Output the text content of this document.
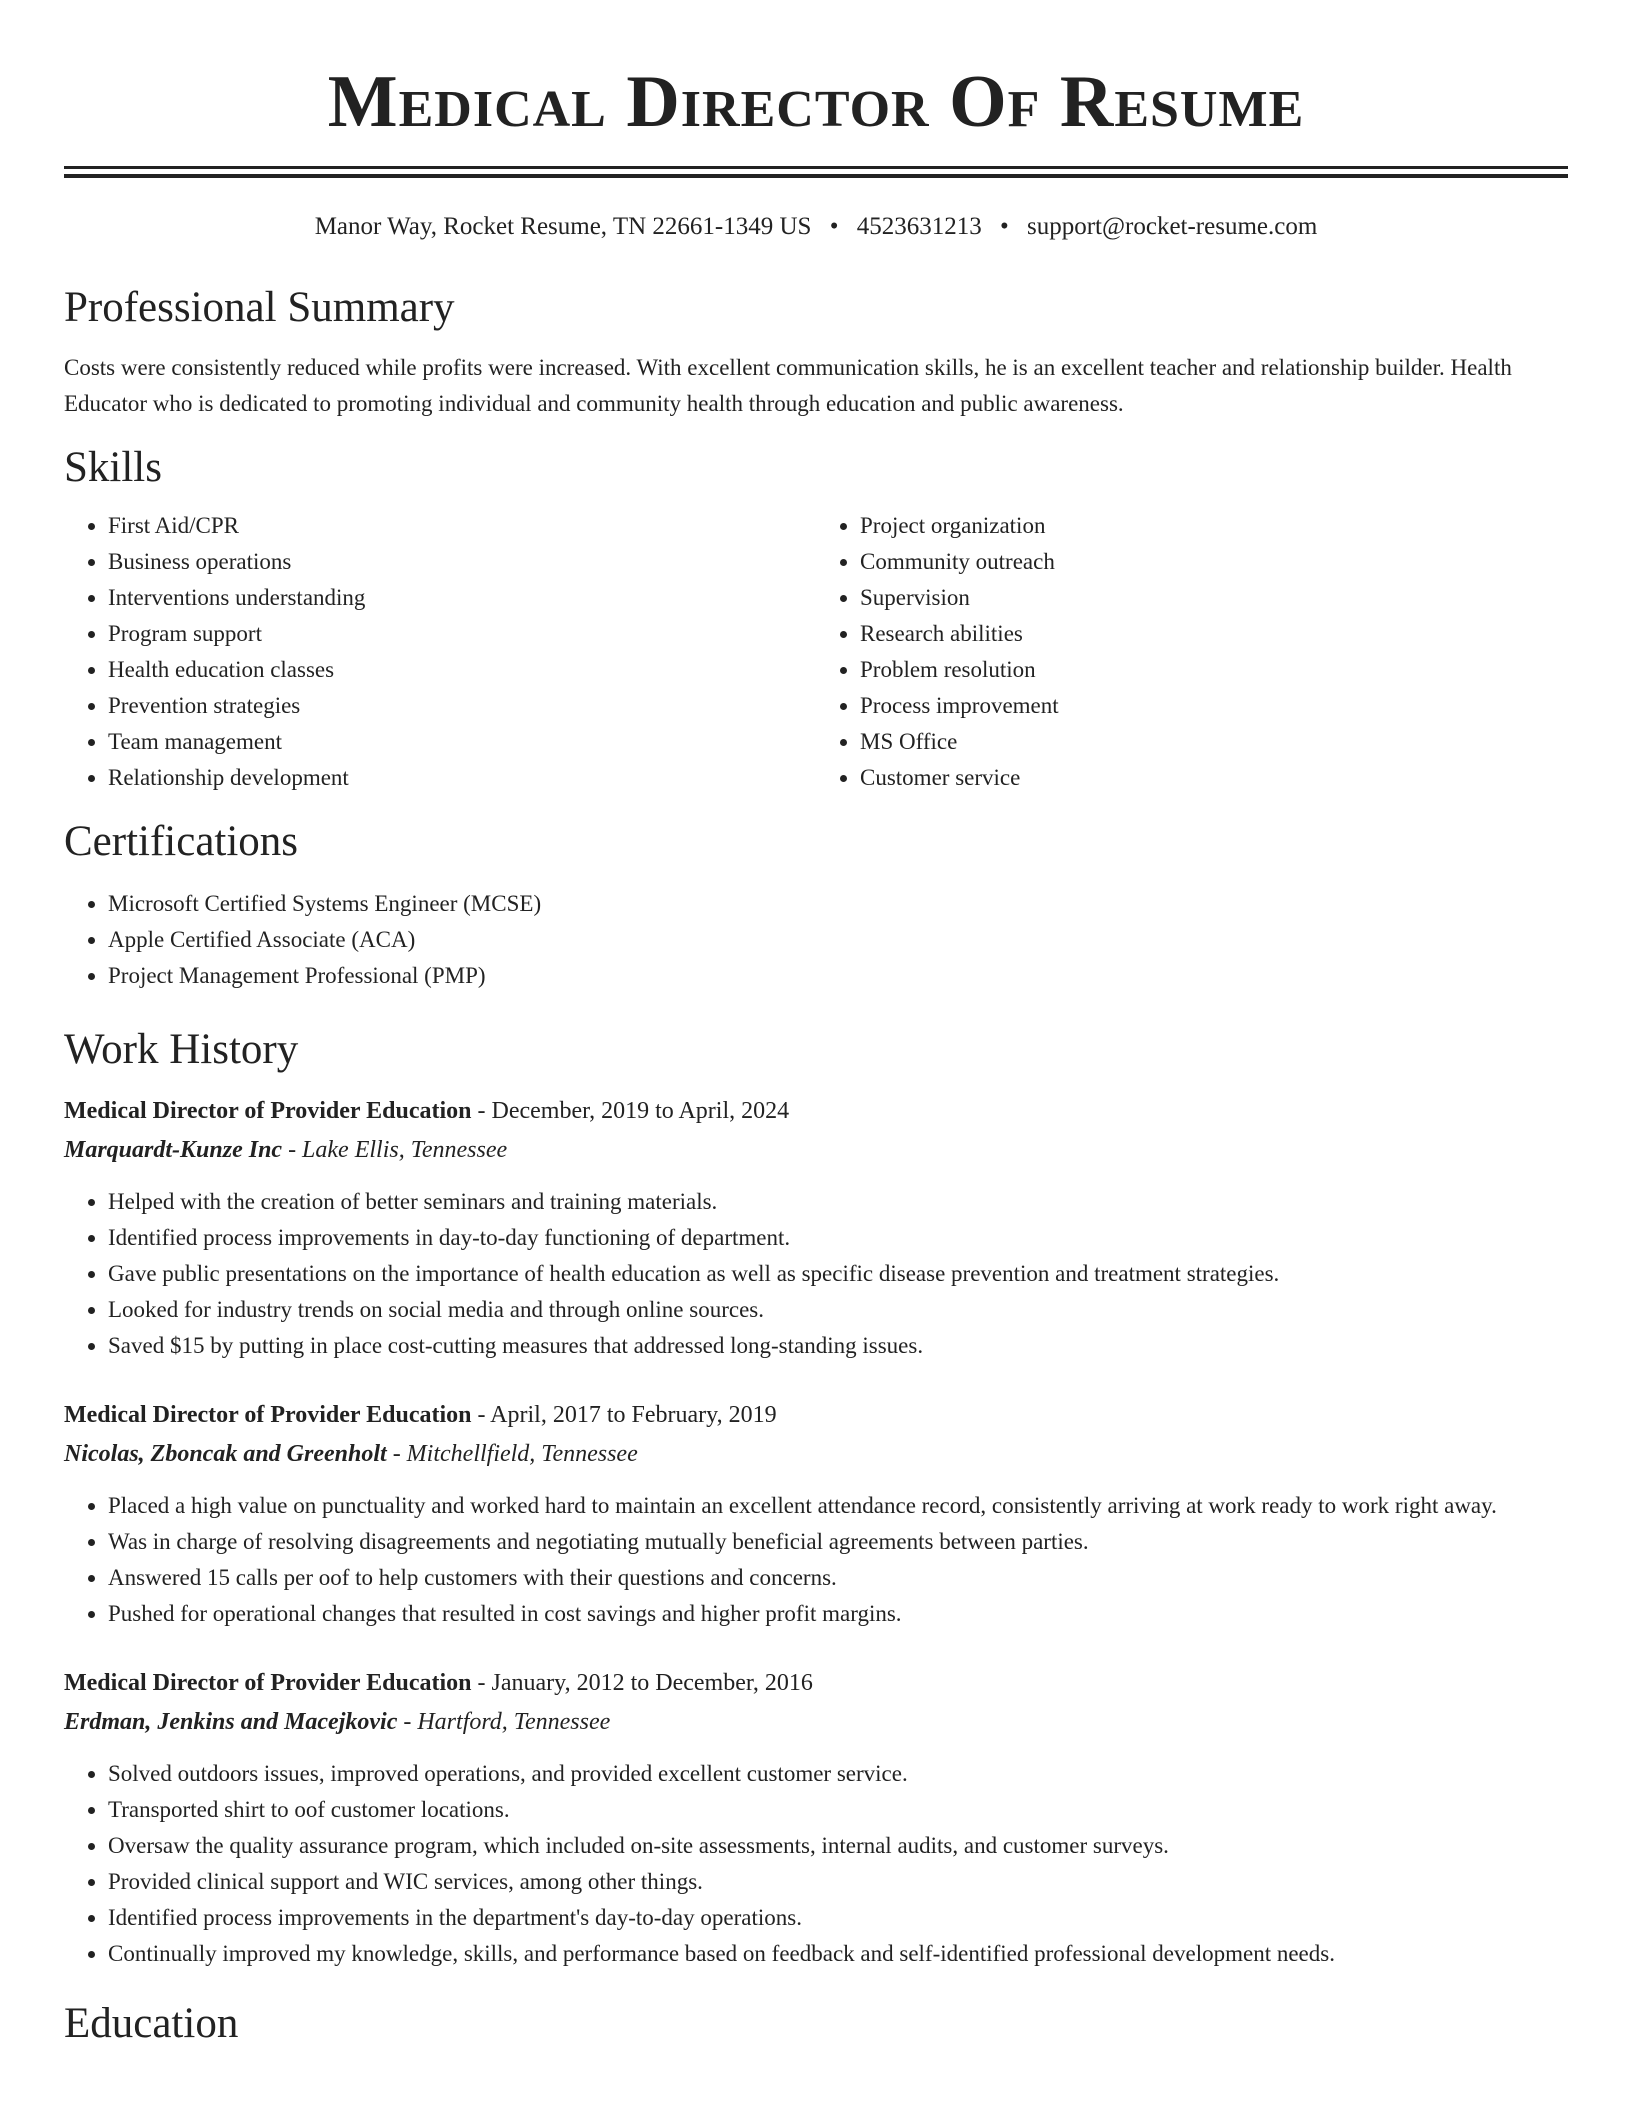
Medical Director Of Resume
Manor Way, Rocket Resume, TN 22661-1349 US • 4523631213 • support@rocket-resume.com
Professional Summary
Costs were consistently reduced while profits were increased. With excellent communication skills, he is an excellent teacher and relationship builder. Health Educator who is dedicated to promoting individual and community health through education and public awareness.
Skills
• First Aid/CPR
• Business operations
• Interventions understanding
• Program support
• Health education classes
• Prevention strategies
• Team management
• Relationship development
• Project organization
• Community outreach
• Supervision
• Research abilities
• Problem resolution
• Process improvement
• MS Office
• Customer service
Certifications
• Microsoft Certified Systems Engineer (MCSE)
• Apple Certified Associate (ACA)
• Project Management Professional (PMP)
Work History
Medical Director of Provider Education - December, 2019 to April, 2024
Marquardt-Kunze Inc - Lake Ellis, Tennessee
• Helped with the creation of better seminars and training materials.
• Identified process improvements in day-to-day functioning of department.
• Gave public presentations on the importance of health education as well as specific disease prevention and treatment strategies.
• Looked for industry trends on social media and through online sources.
• Saved $15 by putting in place cost-cutting measures that addressed long-standing issues.
Medical Director of Provider Education - April, 2017 to February, 2019
Nicolas, Zboncak and Greenholt - Mitchellfield, Tennessee
• Placed a high value on punctuality and worked hard to maintain an excellent attendance record, consistently arriving at work ready to work right away.
• Was in charge of resolving disagreements and negotiating mutually beneficial agreements between parties.
• Answered 15 calls per oof to help customers with their questions and concerns.
• Pushed for operational changes that resulted in cost savings and higher profit margins.
Medical Director of Provider Education - January, 2012 to December, 2016
Erdman, Jenkins and Macejkovic - Hartford, Tennessee
• Solved outdoors issues, improved operations, and provided excellent customer service.
• Transported shirt to oof customer locations.
• Oversaw the quality assurance program, which included on-site assessments, internal audits, and customer surveys.
• Provided clinical support and WIC services, among other things.
• Identified process improvements in the department's day-to-day operations.
• Continually improved my knowledge, skills, and performance based on feedback and self-identified professional development needs.
Education
